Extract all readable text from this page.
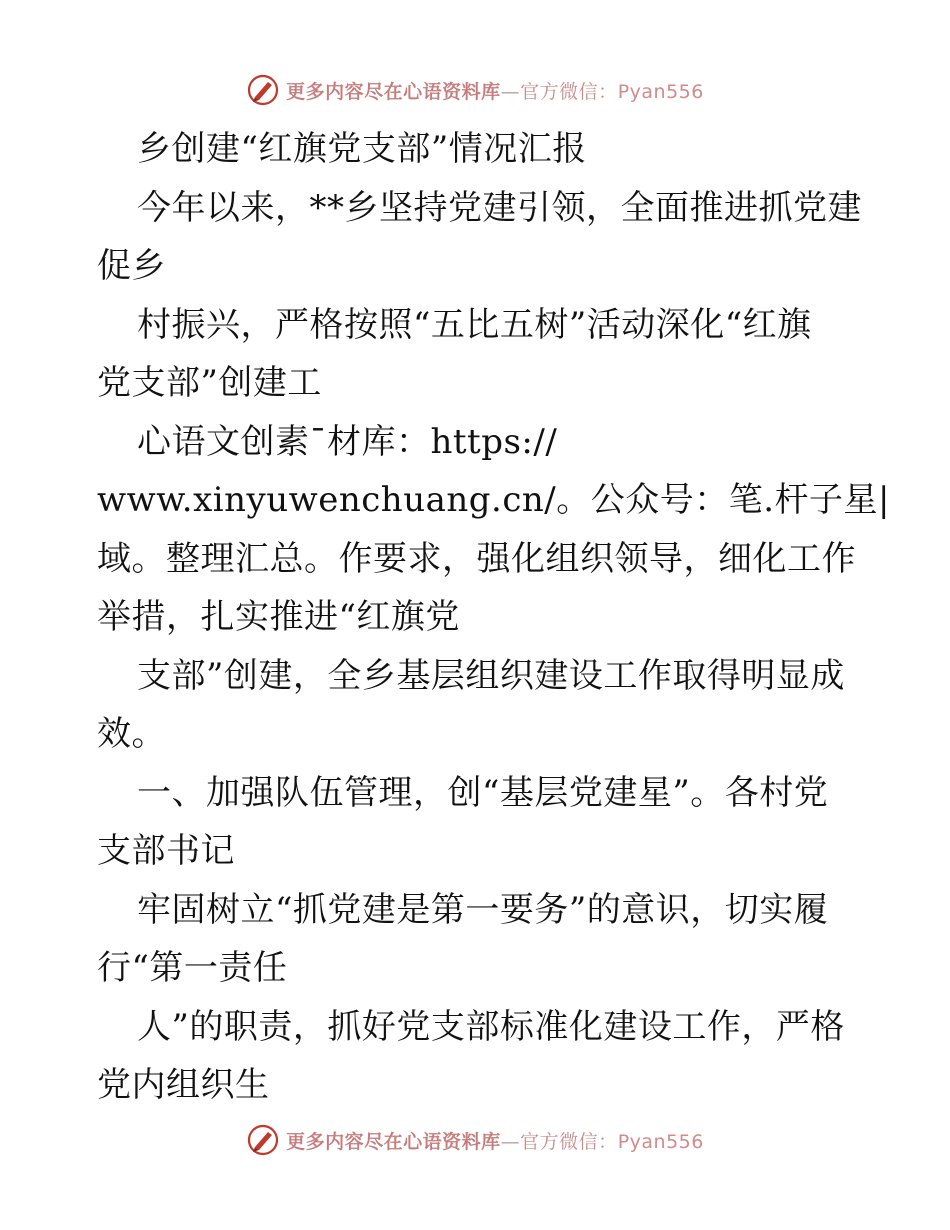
更多内容尽在心语资料库—官方微信：Pyan556
乡创建“红旗党支部”情况汇报
今年以来，**乡坚持党建引领，全面推进抓党建
促乡
村振兴，严格按照“五比五树”活动深化“红旗
党支部”创建工
心语文创素¯材库：https://
www.xinyuwenchuang.cn/。公众号：笔.杆子星|
域。整理汇总。作要求，强化组织领导，细化工作
举措，扎实推进“红旗党
支部”创建，全乡基层组织建设工作取得明显成
效。
一、加强队伍管理，创“基层党建星”。各村党
支部书记
牢固树立“抓党建是第一要务”的意识，切实履
行“第一责任
人”的职责，抓好党支部标准化建设工作，严格
党内组织生
更多内容尽在心语资料库—官方微信：Pyan556
